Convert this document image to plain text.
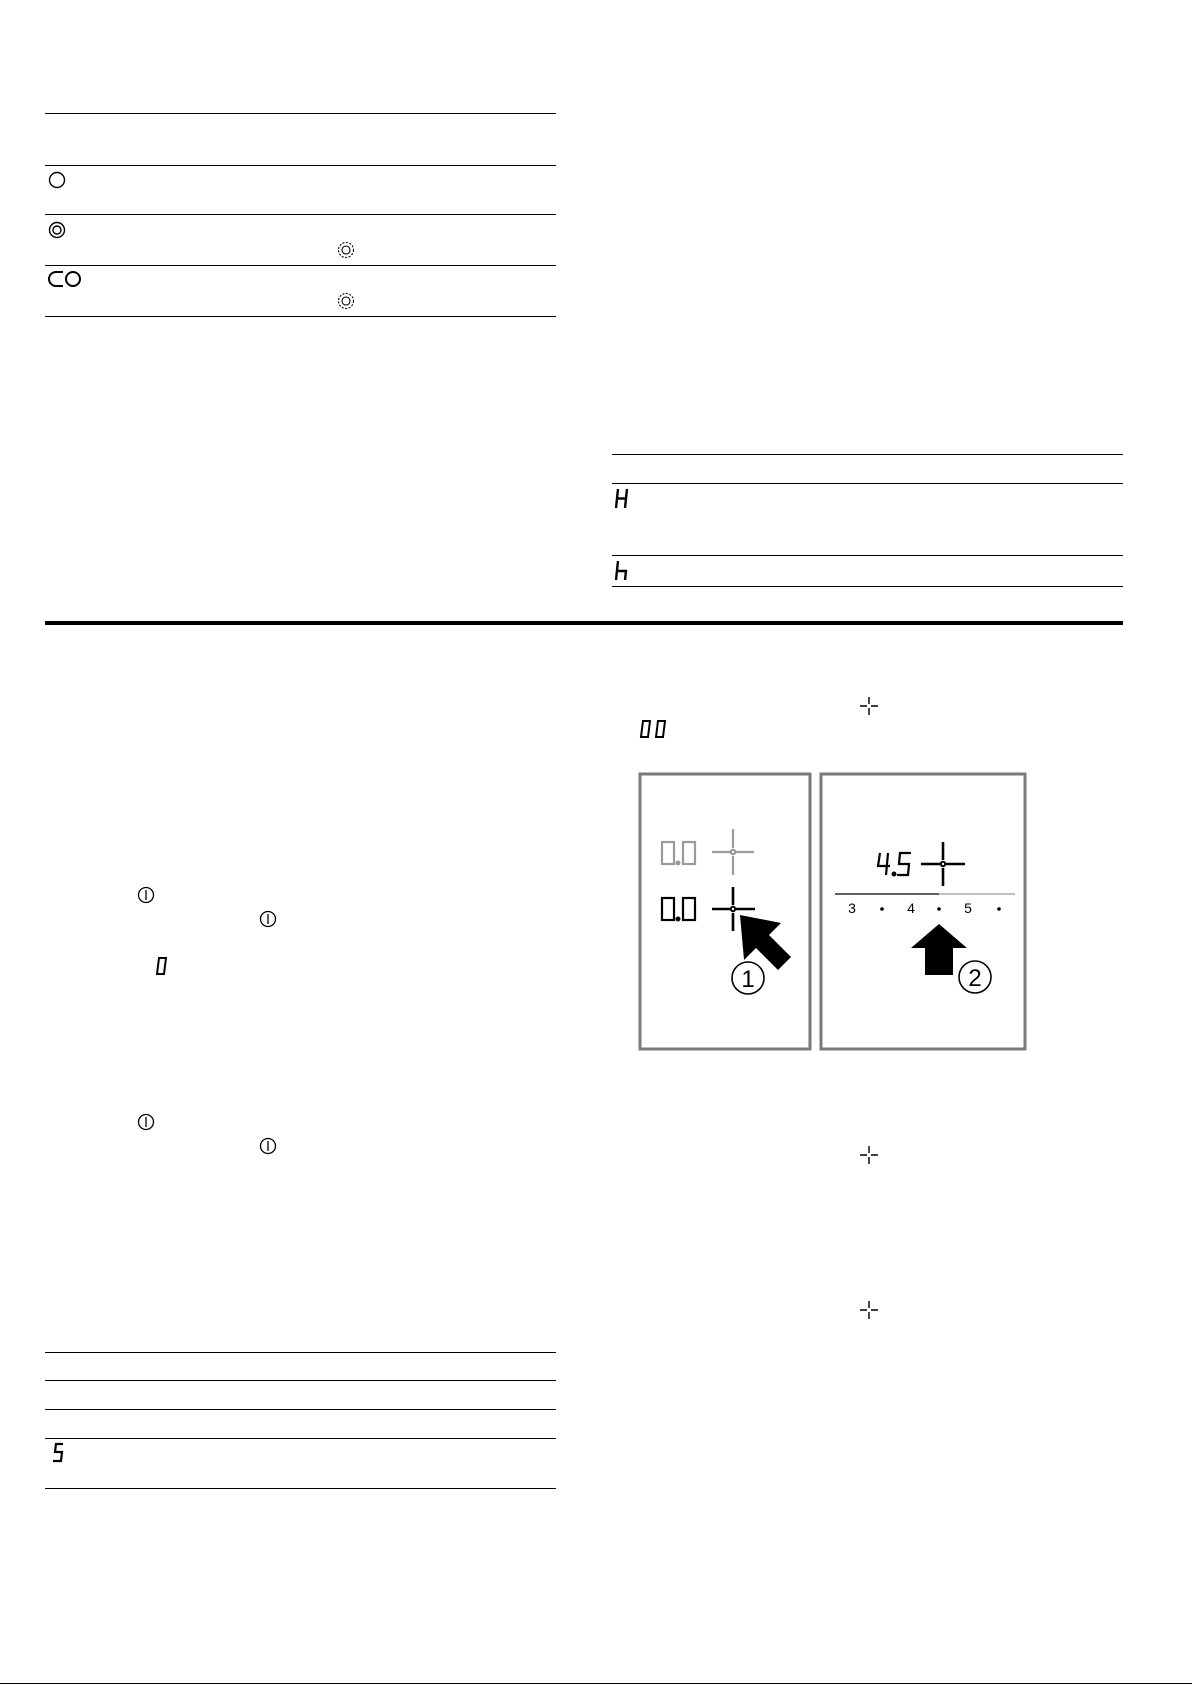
1
3	4	5
2
